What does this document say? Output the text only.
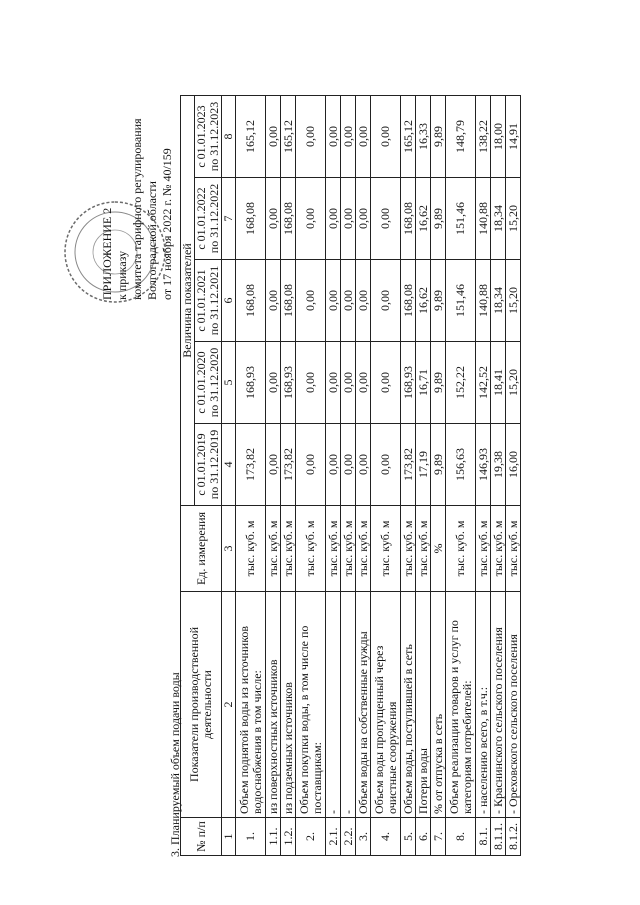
ПРИЛОЖЕНИЕ 2 к приказу комитета тарифного регулирования Волгоградской области от 17 ноября 2022 г. № 40/159
3. Планируемый объем подачи воды № п/п	Показатели производственной деятельности	Ед. измерения	Величина показателей				
			с 01.01.2019 по 31.12.2019	с 01.01.2020 по 31.12.2020	с 01.01.2021 по 31.12.2021	с 01.01.2022 по 31.12.2022	с 01.01.2023 по 31.12.2023
1	2	3	4	5	6	7	8
1.	Объем поднятой воды из источников водоснабжения в том числе:	тыс. куб. м	173,82	168,93	168,08	168,08	165,12
1.1.	из поверхностных источников	тыс. куб. м	0,00	0,00	0,00	0,00	0,00
1.2.	из подземных источников	тыс. куб. м	173,82	168,93	168,08	168,08	165,12
2.	Объем покупки воды, в том числе по поставщикам:	тыс. куб. м	0,00	0,00	0,00	0,00	0,00
2.1.	-	тыс. куб. м	0,00	0,00	0,00	0,00	0,00
2.2.	-	тыс. куб. м	0,00	0,00	0,00	0,00	0,00
3.	Объем воды на собственные нужды	тыс. куб. м	0,00	0,00	0,00	0,00	0,00
4.	Объем воды пропущенный через очистные сооружения	тыс. куб. м	0,00	0,00	0,00	0,00	0,00
5.	Объем воды, поступившей в сеть	тыс. куб. м	173,82	168,93	168,08	168,08	165,12
6.	Потери воды	тыс. куб. м	17,19	16,71	16,62	16,62	16,33
7.	% от отпуска в сеть	%	9,89	9,89	9,89	9,89	9,89
8.	Объем реализации товаров и услуг по категориям потребителей:	тыс. куб. м	156,63	152,22	151,46	151,46	148,79
8.1.	- населению всего, в т.ч.:	тыс. куб. м	146,93	142,52	140,88	140,88	138,22
8.1.1.	- Краснинского сельского поселения	тыс. куб. м	19,38	18,41	18,34	18,34	18,00
8.1.2.	- Ореховского сельского поселения	тыс. куб. м	16,00	15,20	15,20	15,20	14,91
